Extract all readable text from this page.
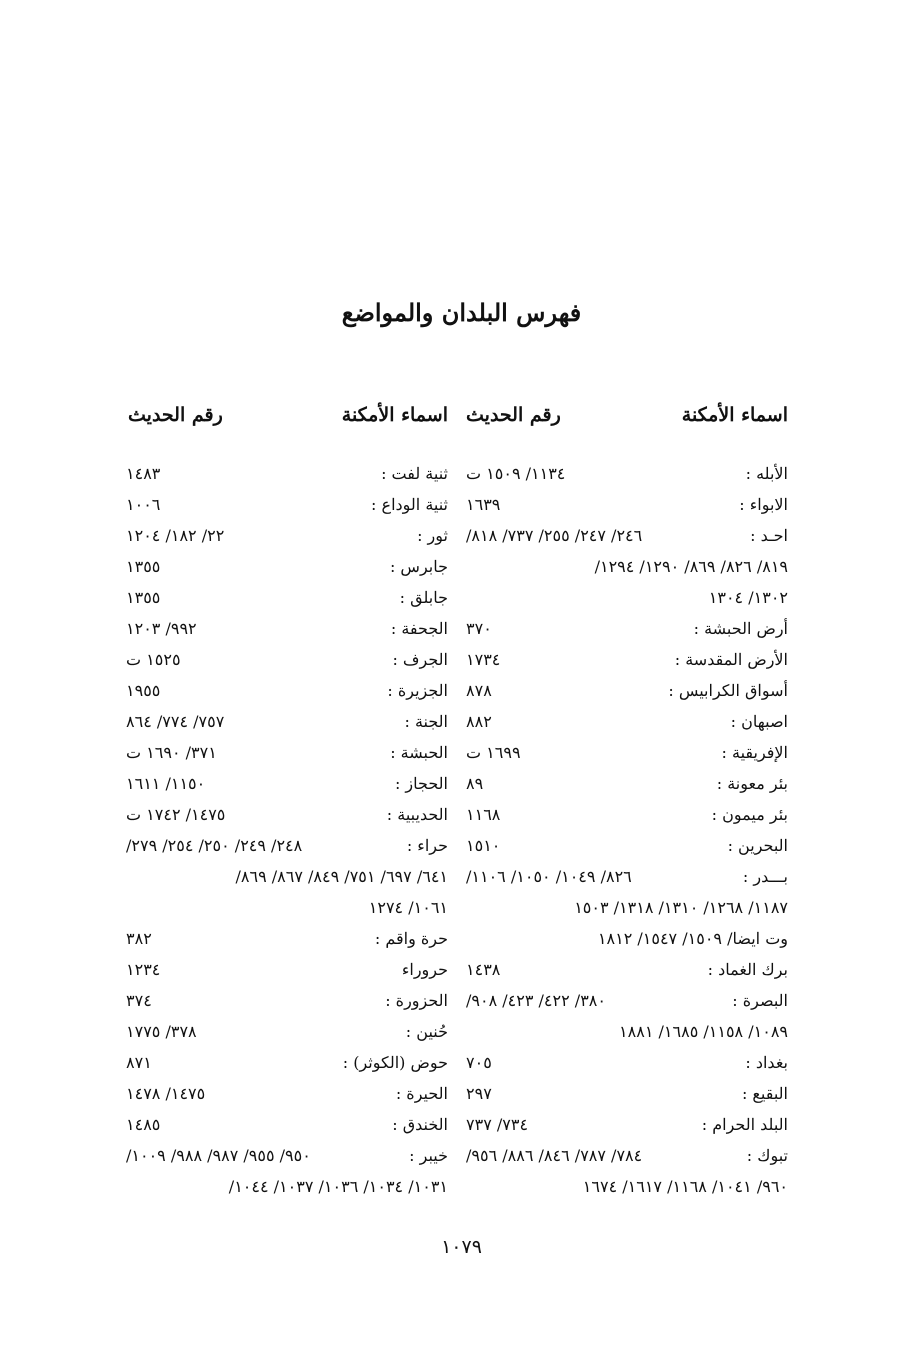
فهرس البلدان والمواضع
اسماء الأمكنة
رقم الحديث
اسماء الأمكنة
رقم الحديث
الأبله :
١١٣٤/ ١٥٠٩ ت
الابواء :
١٦٣٩
احـد :
٢٤٦/ ٢٤٧/ ٢٥٥/ ٧٣٧/ ٨١٨/
٨١٩/ ٨٢٦/ ٨٦٩/ ١٢٩٠/ ١٢٩٤/
١٣٠٢/ ١٣٠٤
أرض الحبشة :
٣٧٠
الأرض المقدسة :
١٧٣٤
أسواق الكرابيس :
٨٧٨
اصبهان :
٨٨٢
الإفريقية :
١٦٩٩ ت
بئر معونة :
٨٩
بئر ميمون :
١١٦٨
البحرين :
١٥١٠
بـــدر :
٨٢٦/ ١٠٤٩/ ١٠٥٠/ ١١٠٦/
١١٨٧/ ١٢٦٨/ ١٣١٠/ ١٣١٨/ ١٥٠٣
وت ايضا/ ١٥٠٩/ ١٥٤٧/ ١٨١٢
برك الغماد :
١٤٣٨
البصرة :
٣٨٠/ ٤٢٢/ ٤٢٣/ ٩٠٨/
١٠٨٩/ ١١٥٨/ ١٦٨٥/ ١٨٨١
بغداد :
٧٠٥
البقيع :
٢٩٧
البلد الحرام :
٧٣٤/ ٧٣٧
تبوك :
٧٨٤/ ٧٨٧/ ٨٤٦/ ٨٨٦/ ٩٥٦/
٩٦٠/ ١٠٤١/ ١١٦٨/ ١٦١٧/ ١٦٧٤
ثنية لفت :
١٤٨٣
ثنية الوداع :
١٠٠٦
ثور :
٢٢/ ١٨٢/ ١٢٠٤
جابرس :
١٣٥٥
جابلق :
١٣٥٥
الجحفة :
٩٩٢/ ١٢٠٣
الجرف :
١٥٢٥ ت
الجزيرة :
١٩٥٥
الجنة :
٧٥٧/ ٧٧٤/ ٨٦٤
الحبشة :
٣٧١/ ١٦٩٠ ت
الحجاز :
١١٥٠/ ١٦١١
الحديبية :
١٤٧٥/ ١٧٤٢ ت
حراء :
٢٤٨/ ٢٤٩/ ٢٥٠/ ٢٥٤/ ٢٧٩/
٦٤١/ ٦٩٧/ ٧٥١/ ٨٤٩/ ٨٦٧/ ٨٦٩/
١٠٦١/ ١٢٧٤
حرة واقم :
٣٨٢
حروراء
١٢٣٤
الحزورة :
٣٧٤
حُنين :
٣٧٨/ ١٧٧٥
حوض (الكوثر) :
٨٧١
الحيرة :
١٤٧٥/ ١٤٧٨
الخندق :
١٤٨٥
خيبر :
٩٥٠/ ٩٥٥/ ٩٨٧/ ٩٨٨/ ١٠٠٩/
١٠٣١/ ١٠٣٤/ ١٠٣٦/ ١٠٣٧/ ١٠٤٤/
١٠٧٩
